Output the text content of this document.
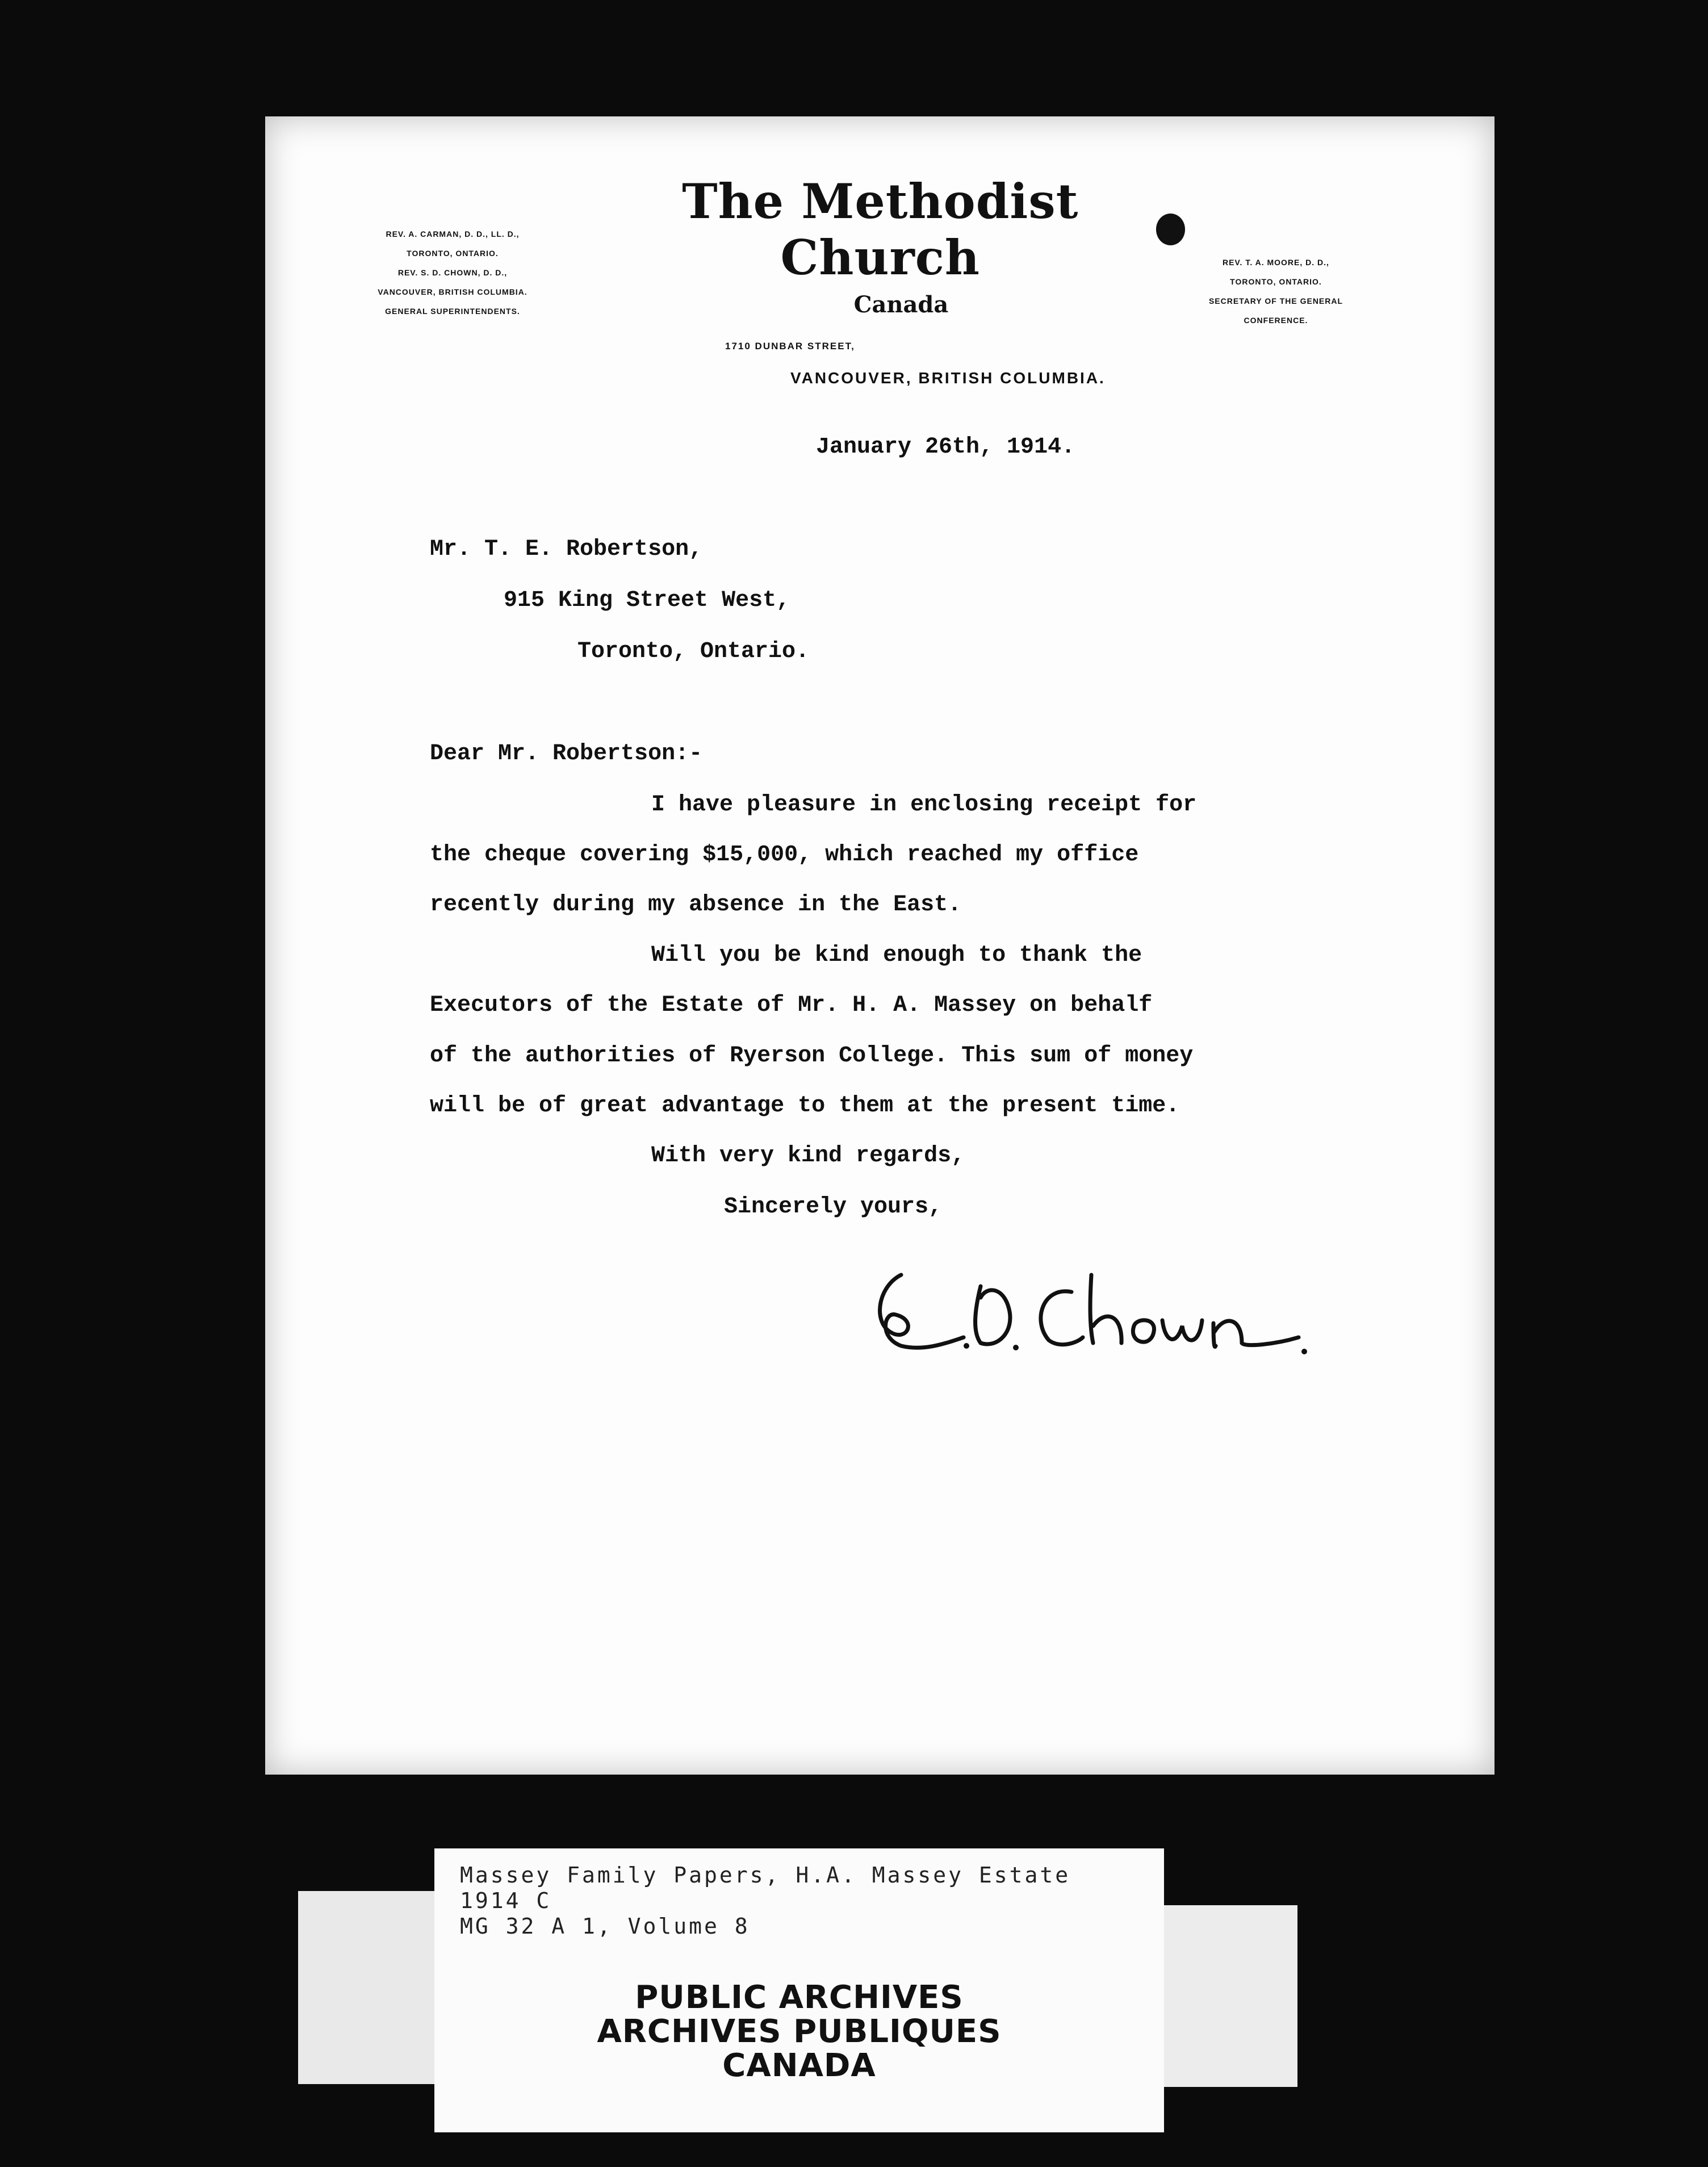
REV. A. CARMAN, D. D., LL. D.,
TORONTO, ONTARIO.
REV. S. D. CHOWN, D. D.,
VANCOUVER, BRITISH COLUMBIA.
GENERAL SUPERINTENDENTS.
The Methodist Church
Canada
REV. T. A. MOORE, D. D.,
TORONTO, ONTARIO.
SECRETARY OF THE GENERAL
CONFERENCE.
1710 DUNBAR STREET,
VANCOUVER, BRITISH COLUMBIA.
January 26th, 1914.
Mr. T. E. Robertson,
915 King Street West,
Toronto, Ontario.
Dear Mr. Robertson:-
I have pleasure in enclosing receipt for
the cheque covering $15,000, which reached my office
recently during my absence in the East.
Will you be kind enough to thank the
Executors of the Estate of Mr. H. A. Massey on behalf
of the authorities of Ryerson College. This sum of money
will be of great advantage to them at the present time.
With very kind regards,
Sincerely yours,
Massey Family Papers, H.A. Massey Estate
1914 C
MG 32 A 1, Volume 8
PUBLIC ARCHIVES
ARCHIVES PUBLIQUES
CANADA
